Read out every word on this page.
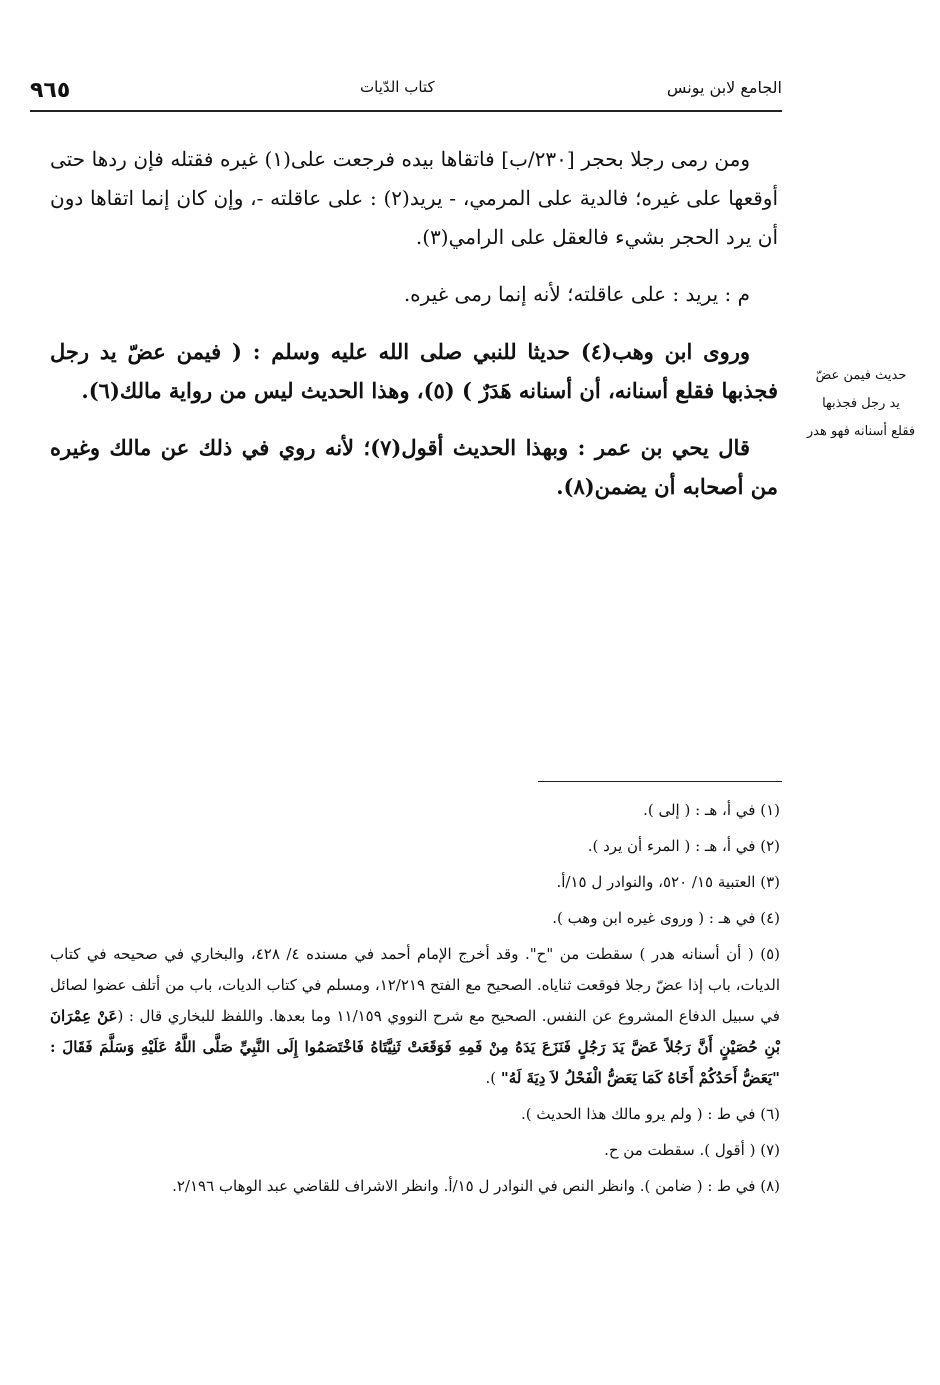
الجامع لابن يونس
كتاب الدّيات
٩٦٥

ومن رمى رجلا بحجر [٢٣٠/ب] فاتقاها بيده فرجعت على(١) غيره فقتله فإن ردها حتى أوقعها على غيره؛ فالدية على المرمي، - يريد(٢) : على عاقلته -، وإن كان إنما اتقاها دون أن يرد الحجر بشيء فالعقل على الرامي(٣).

م : يريد : على عاقلته؛ لأنه إنما رمى غيره.

وروى ابن وهب(٤) حديثا للنبي صلى الله عليه وسلم : ( فيمن عضّ يد رجل فجذبها فقلع أسنانه، أن أسنانه هَدَرٌ ) (٥)، وهذا الحديث ليس من رواية مالك(٦).

قال يحي بن عمر : وبهذا الحديث أقول(٧)؛ لأنه روي في ذلك عن مالك وغيره من أصحابه أن يضمن(٨).

حديث فيمن عضّ
يد رجل فجذبها
فقلع أسنانه فهو هدر
(١) في أ، هـ : ( إلى ).
(٢) في أ، هـ : ( المرء أن يرد ).
(٣) العتبية ١٥/ ٥٢٠، والنوادر ل ١٥/أ.
(٤) في هـ : ( وروى غيره ابن وهب ).
(٥) ( أن أسنانه هدر ) سقطت من "ح". وقد أخرج الإمام أحمد في مسنده ٤/ ٤٢٨، والبخاري في صحيحه في كتاب الديات، باب إذا عضّ رجلا فوقعت ثناياه. الصحيح مع الفتح ١٢/٢١٩، ومسلم في كتاب الديات، باب من أتلف عضوا لصائل في سبيل الدفاع المشروع عن النفس. الصحيح مع شرح النووي ١١/١٥٩ وما بعدها. واللفظ للبخاري قال : (عَنْ عِمْرَانَ بْنِ حُصَيْنٍ أَنَّ رَجُلاً عَضَّ يَدَ رَجُلٍ فَنَزَعَ يَدَهُ مِنْ فَمِهِ فَوَقَعَتْ ثَنِيَّتَاهُ فَاخْتَصَمُوا إِلَى النَّبِيِّ صَلَّى اللَّهُ عَلَيْهِ وَسَلَّمَ فَقَالَ : "يَعَضُّ أَحَدُكُمْ أَخَاهُ كَمَا يَعَضُّ الْفَحْلُ لاَ دِيَةَ لَهُ" ).
(٦) في ط : ( ولم يرو مالك هذا الحديث ).
(٧) ( أقول ). سقطت من ح.
(٨) في ط : ( ضامن ). وانظر النص في النوادر ل ١٥/أ. وانظر الاشراف للقاضي عبد الوهاب ٢/١٩٦.
